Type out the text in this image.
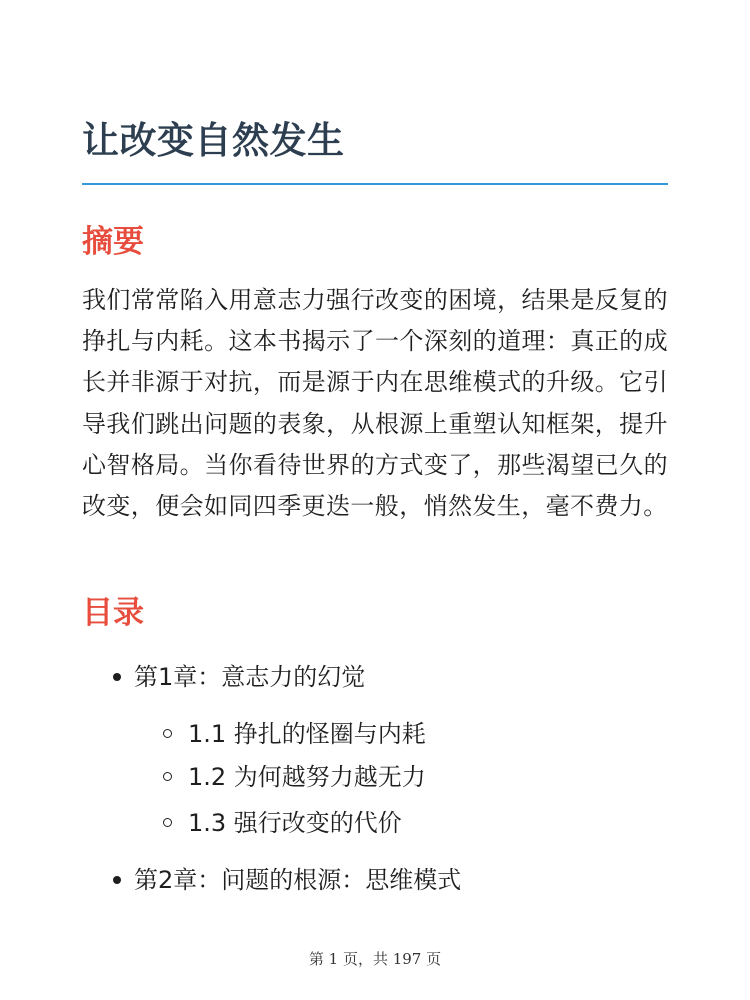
让改变自然发生
摘要

我们常常陷入用意志力强行改变的困境，结果是反复的挣扎与内耗。这本书揭示了一个深刻的道理：真正的成长并非源于对抗，而是源于内在思维模式的升级。它引导我们跳出问题的表象，从根源上重塑认知框架，提升心智格局。当你看待世界的方式变了，那些渴望已久的改变，便会如同四季更迭一般，悄然发生，毫不费力。

目录
第1章：意志力的幻觉
1.1 挣扎的怪圈与内耗
1.2 为何越努力越无力
1.3 强行改变的代价
第2章：问题的根源：思维模式
第 1 页，共 197 页
